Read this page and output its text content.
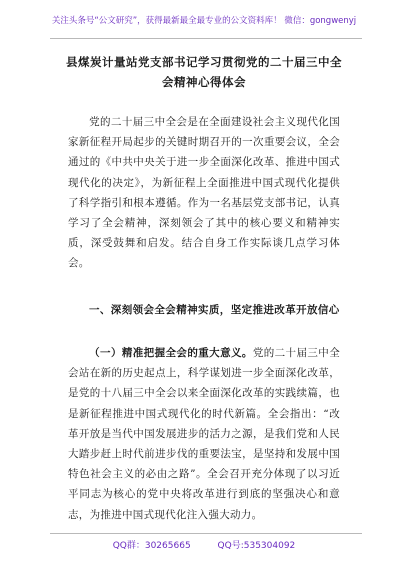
关注头条号“公文研究”，获得最新最全最专业的公文资料库！ 微信：gongwenyj
县煤炭计量站党支部书记学习贯彻党的二十届三中全会精神心得体会
党的二十届三中全会是在全面建设社会主义现代化国家新征程开局起步的关键时期召开的一次重要会议，全会通过的《中共中央关于进一步全面深化改革、推进中国式现代化的决定》，为新征程上全面推进中国式现代化提供了科学指引和根本遵循。作为一名基层党支部书记，认真学习了全会精神，深刻领会了其中的核心要义和精神实质，深受鼓舞和启发。结合自身工作实际谈几点学习体会。
一、深刻领会全会精神实质，坚定推进改革开放信心
（一）精准把握全会的重大意义。党的二十届三中全会站在新的历史起点上，科学谋划进一步全面深化改革，是党的十八届三中全会以来全面深化改革的实践续篇，也是新征程推进中国式现代化的时代新篇。全会指出：“改革开放是当代中国发展进步的活力之源，是我们党和人民大踏步赶上时代前进步伐的重要法宝，是坚持和发展中国特色社会主义的必由之路”。全会召开充分体现了以习近平同志为核心的党中央将改革进行到底的坚强决心和意志，为推进中国式现代化注入强大动力。
QQ群：30265665	QQ号:535304092
